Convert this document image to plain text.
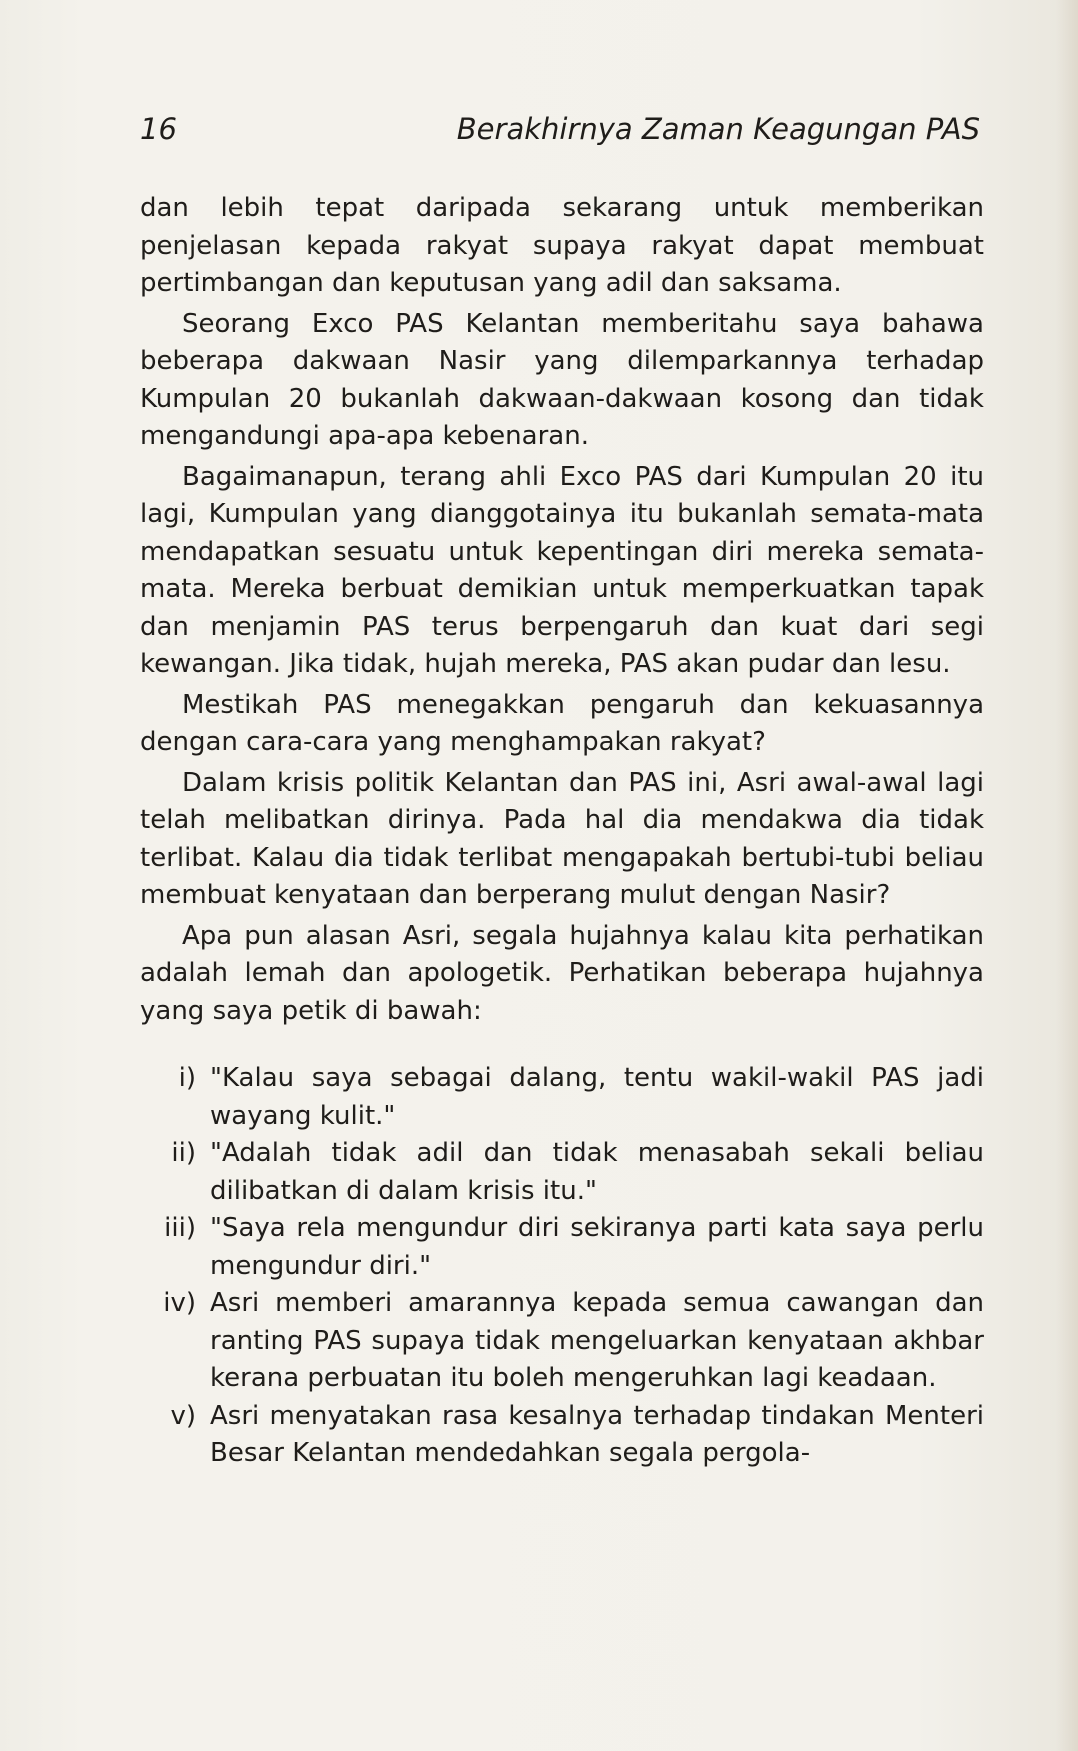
16	Berakhirnya Zaman Keagungan PAS

dan lebih tepat daripada sekarang untuk memberikan penjelasan kepada rakyat supaya rakyat dapat membuat pertimbangan dan keputusan yang adil dan saksama.

Seorang Exco PAS Kelantan memberitahu saya bahawa beberapa dakwaan Nasir yang dilemparkannya terhadap Kumpulan 20 bukanlah dakwaan-dakwaan kosong dan tidak mengandungi apa-apa kebenaran.

Bagaimanapun, terang ahli Exco PAS dari Kumpulan 20 itu lagi, Kumpulan yang dianggotainya itu bukanlah semata-mata mendapatkan sesuatu untuk kepentingan diri mereka semata-mata. Mereka berbuat demikian untuk memperkuatkan tapak dan menjamin PAS terus berpengaruh dan kuat dari segi kewangan. Jika tidak, hujah mereka, PAS akan pudar dan lesu.

Mestikah PAS menegakkan pengaruh dan kekuasannya dengan cara-cara yang menghampakan rakyat?

Dalam krisis politik Kelantan dan PAS ini, Asri awal-awal lagi telah melibatkan dirinya. Pada hal dia mendakwa dia tidak terlibat. Kalau dia tidak terlibat mengapakah bertubi-tubi beliau membuat kenyataan dan berperang mulut dengan Nasir?

Apa pun alasan Asri, segala hujahnya kalau kita perhatikan adalah lemah dan apologetik. Perhatikan beberapa hujahnya yang saya petik di bawah:

i) "Kalau saya sebagai dalang, tentu wakil-wakil PAS jadi wayang kulit."
ii) "Adalah tidak adil dan tidak menasabah sekali beliau dilibatkan di dalam krisis itu."
iii) "Saya rela mengundur diri sekiranya parti kata saya perlu mengundur diri."
iv) Asri memberi amarannya kepada semua cawangan dan ranting PAS supaya tidak mengeluarkan kenyataan akhbar kerana perbuatan itu boleh mengeruhkan lagi keadaan.
v) Asri menyatakan rasa kesalnya terhadap tindakan Menteri Besar Kelantan mendedahkan segala pergola-
